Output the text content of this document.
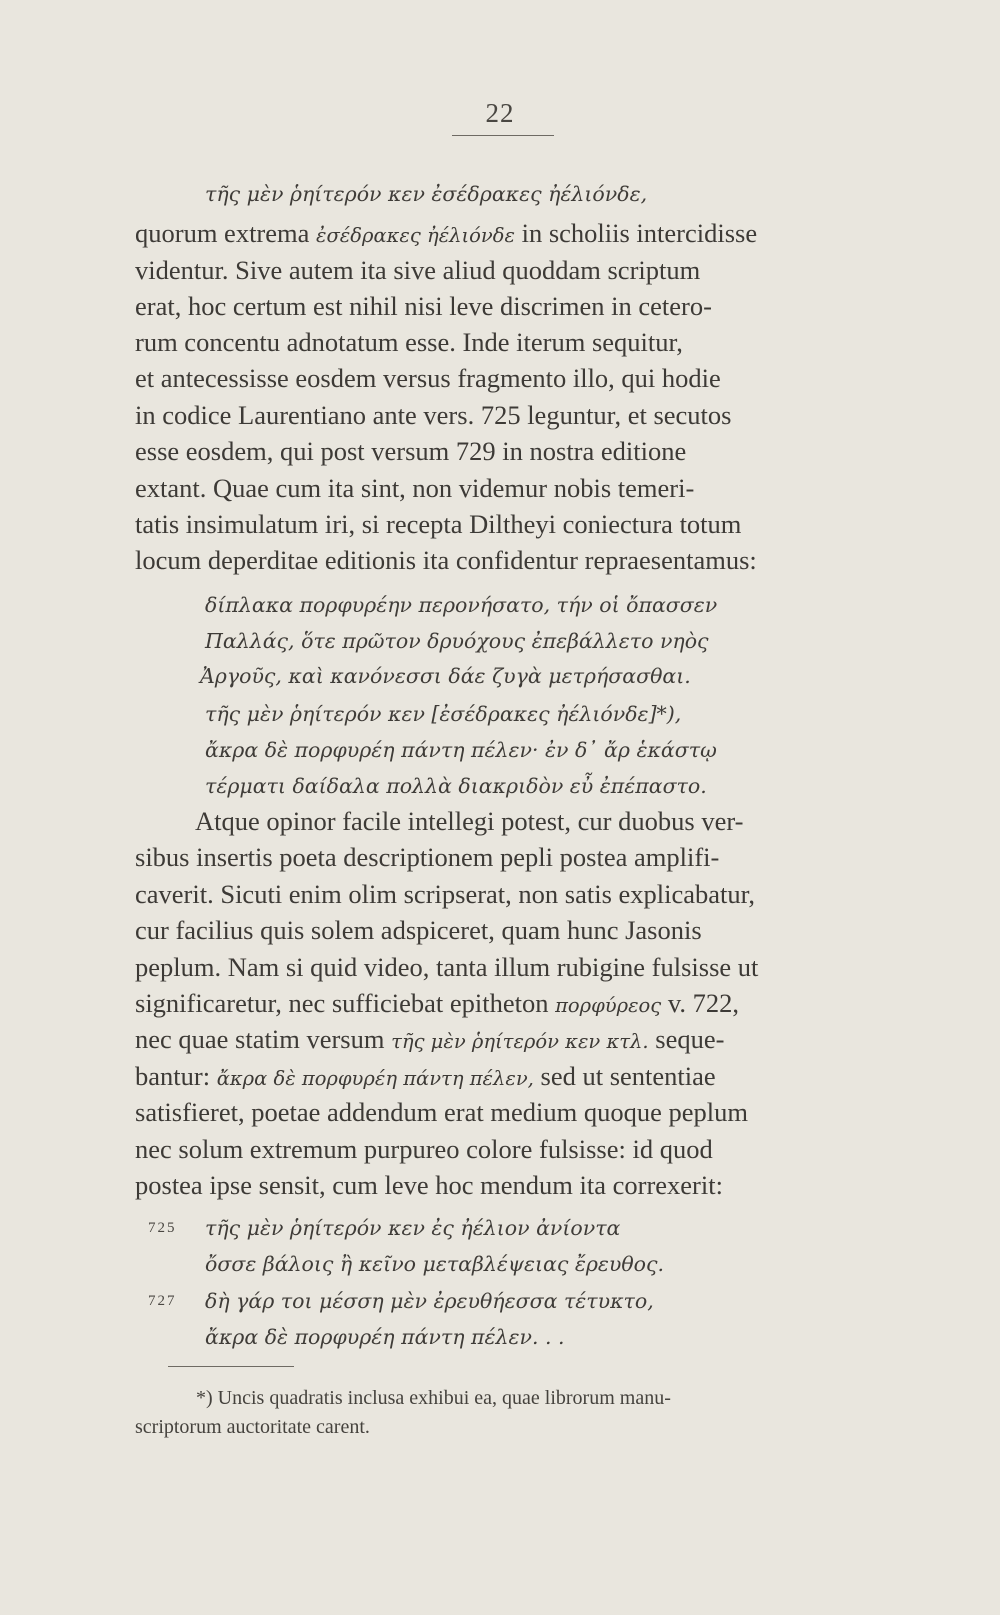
22
τῆς μὲν ῥηίτερόν κεν ἐσέδρακες ἠέλιόνδε,
quorum extrema ἐσέδρακες ἠέλιόνδε in scholiis intercidisse
videntur. Sive autem ita sive aliud quoddam scriptum
erat, hoc certum est nihil nisi leve discrimen in cetero-
rum concentu adnotatum esse. Inde iterum sequitur,
et antecessisse eosdem versus fragmento illo, qui hodie
in codice Laurentiano ante vers. 725 leguntur, et secutos
esse eosdem, qui post versum 729 in nostra editione
extant. Quae cum ita sint, non videmur nobis temeri-
tatis insimulatum iri, si recepta Diltheyi coniectura totum
locum deperditae editionis ita confidentur repraesentamus:
δίπλακα πορφυρέην περονήσατο, τήν οἱ ὄπασσεν
Παλλάς, ὅτε πρῶτον δρυόχους ἐπεβάλλετο νηὸς
Ἀργοῦς, καὶ κανόνεσσι δάε ζυγὰ μετρήσασθαι.
τῆς μὲν ῥηίτερόν κεν [ἐσέδρακες ἠέλιόνδε]*),
ἄκρα δὲ πορφυρέη πάντη πέλεν· ἐν δ᾽ ἄρ ἑκάστῳ
τέρματι δαίδαλα πολλὰ διακριδὸν εὖ ἐπέπαστο.
Atque opinor facile intellegi potest, cur duobus ver-
sibus insertis poeta descriptionem pepli postea amplifi-
caverit. Sicuti enim olim scripserat, non satis explicabatur,
cur facilius quis solem adspiceret, quam hunc Jasonis
peplum. Nam si quid video, tanta illum rubigine fulsisse ut
significaretur, nec sufficiebat epitheton πορφύρεος v. 722,
nec quae statim versum τῆς μὲν ῥηίτερόν κεν κτλ. seque-
bantur: ἄκρα δὲ πορφυρέη πάντη πέλεν, sed ut sententiae
satisfieret, poetae addendum erat medium quoque peplum
nec solum extremum purpureo colore fulsisse: id quod
postea ipse sensit, cum leve hoc mendum ita correxerit:
725 τῆς μὲν ῥηίτερόν κεν ἐς ἠέλιον ἀνίοντα
ὄσσε βάλοις ἢ κεῖνο μεταβλέψειας ἔρευθος.
727 δὴ γάρ τοι μέσση μὲν ἐρευθήεσσα τέτυκτο,
ἄκρα δὲ πορφυρέη πάντη πέλεν. . .
*) Uncis quadratis inclusa exhibui ea, quae librorum manu-
scriptorum auctoritate carent.
